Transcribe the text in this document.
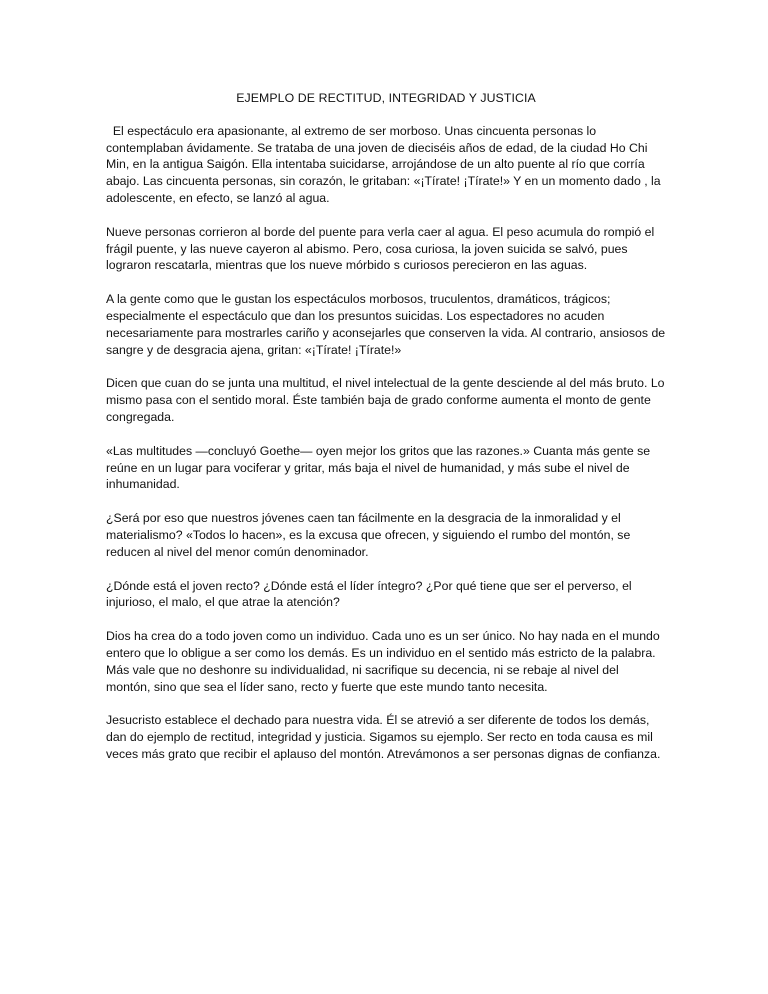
EJEMPLO DE RECTITUD, INTEGRIDAD Y JUSTICIA

El espectáculo era apasionante, al extremo de ser morboso. Unas cincuenta personas lo contemplaban ávidamente. Se trataba de una joven de dieciséis años de edad, de la ciudad Ho Chi Min, en la antigua Saigón. Ella intentaba suicidarse, arrojándose de un alto puente al río que corría abajo. Las cincuenta personas, sin corazón, le gritaban: «¡Tírate! ¡Tírate!» Y en un momento dado , la adolescente, en efecto, se lanzó al agua.

Nueve personas corrieron al borde del puente para verla caer al agua. El peso acumula do rompió el frágil puente, y las nueve cayeron al abismo. Pero, cosa curiosa, la joven suicida se salvó, pues lograron rescatarla, mientras que los nueve mórbido s curiosos perecieron en las aguas.

A la gente como que le gustan los espectáculos morbosos, truculentos, dramáticos, trágicos; especialmente el espectáculo que dan los presuntos suicidas. Los espectadores no acuden necesariamente para mostrarles cariño y aconsejarles que conserven la vida. Al contrario, ansiosos de sangre y de desgracia ajena, gritan: «¡Tírate! ¡Tírate!»

Dicen que cuan do se junta una multitud, el nivel intelectual de la gente desciende al del más bruto. Lo mismo pasa con el sentido moral. Éste también baja de grado conforme aumenta el monto de gente congregada.

«Las multitudes —concluyó Goethe— oyen mejor los gritos que las razones.» Cuanta más gente se reúne en un lugar para vociferar y gritar, más baja el nivel de humanidad, y más sube el nivel de inhumanidad.

¿Será por eso que nuestros jóvenes caen tan fácilmente en la desgracia de la inmoralidad y el materialismo? «Todos lo hacen», es la excusa que ofrecen, y siguiendo el rumbo del montón, se reducen al nivel del menor común denominador.

¿Dónde está el joven recto? ¿Dónde está el líder íntegro? ¿Por qué tiene que ser el perverso, el injurioso, el malo, el que atrae la atención?

Dios ha crea do a todo joven como un individuo. Cada uno es un ser único. No hay nada en el mundo entero que lo obligue a ser como los demás. Es un individuo en el sentido más estricto de la palabra. Más vale que no deshonre su individualidad, ni sacrifique su decencia, ni se rebaje al nivel del montón, sino que sea el líder sano, recto y fuerte que este mundo tanto necesita.

Jesucristo establece el dechado para nuestra vida. Él se atrevió a ser diferente de todos los demás, dan do ejemplo de rectitud, integridad y justicia. Sigamos su ejemplo. Ser recto en toda causa es mil veces más grato que recibir el aplauso del montón. Atrevámonos a ser personas dignas de confianza.
